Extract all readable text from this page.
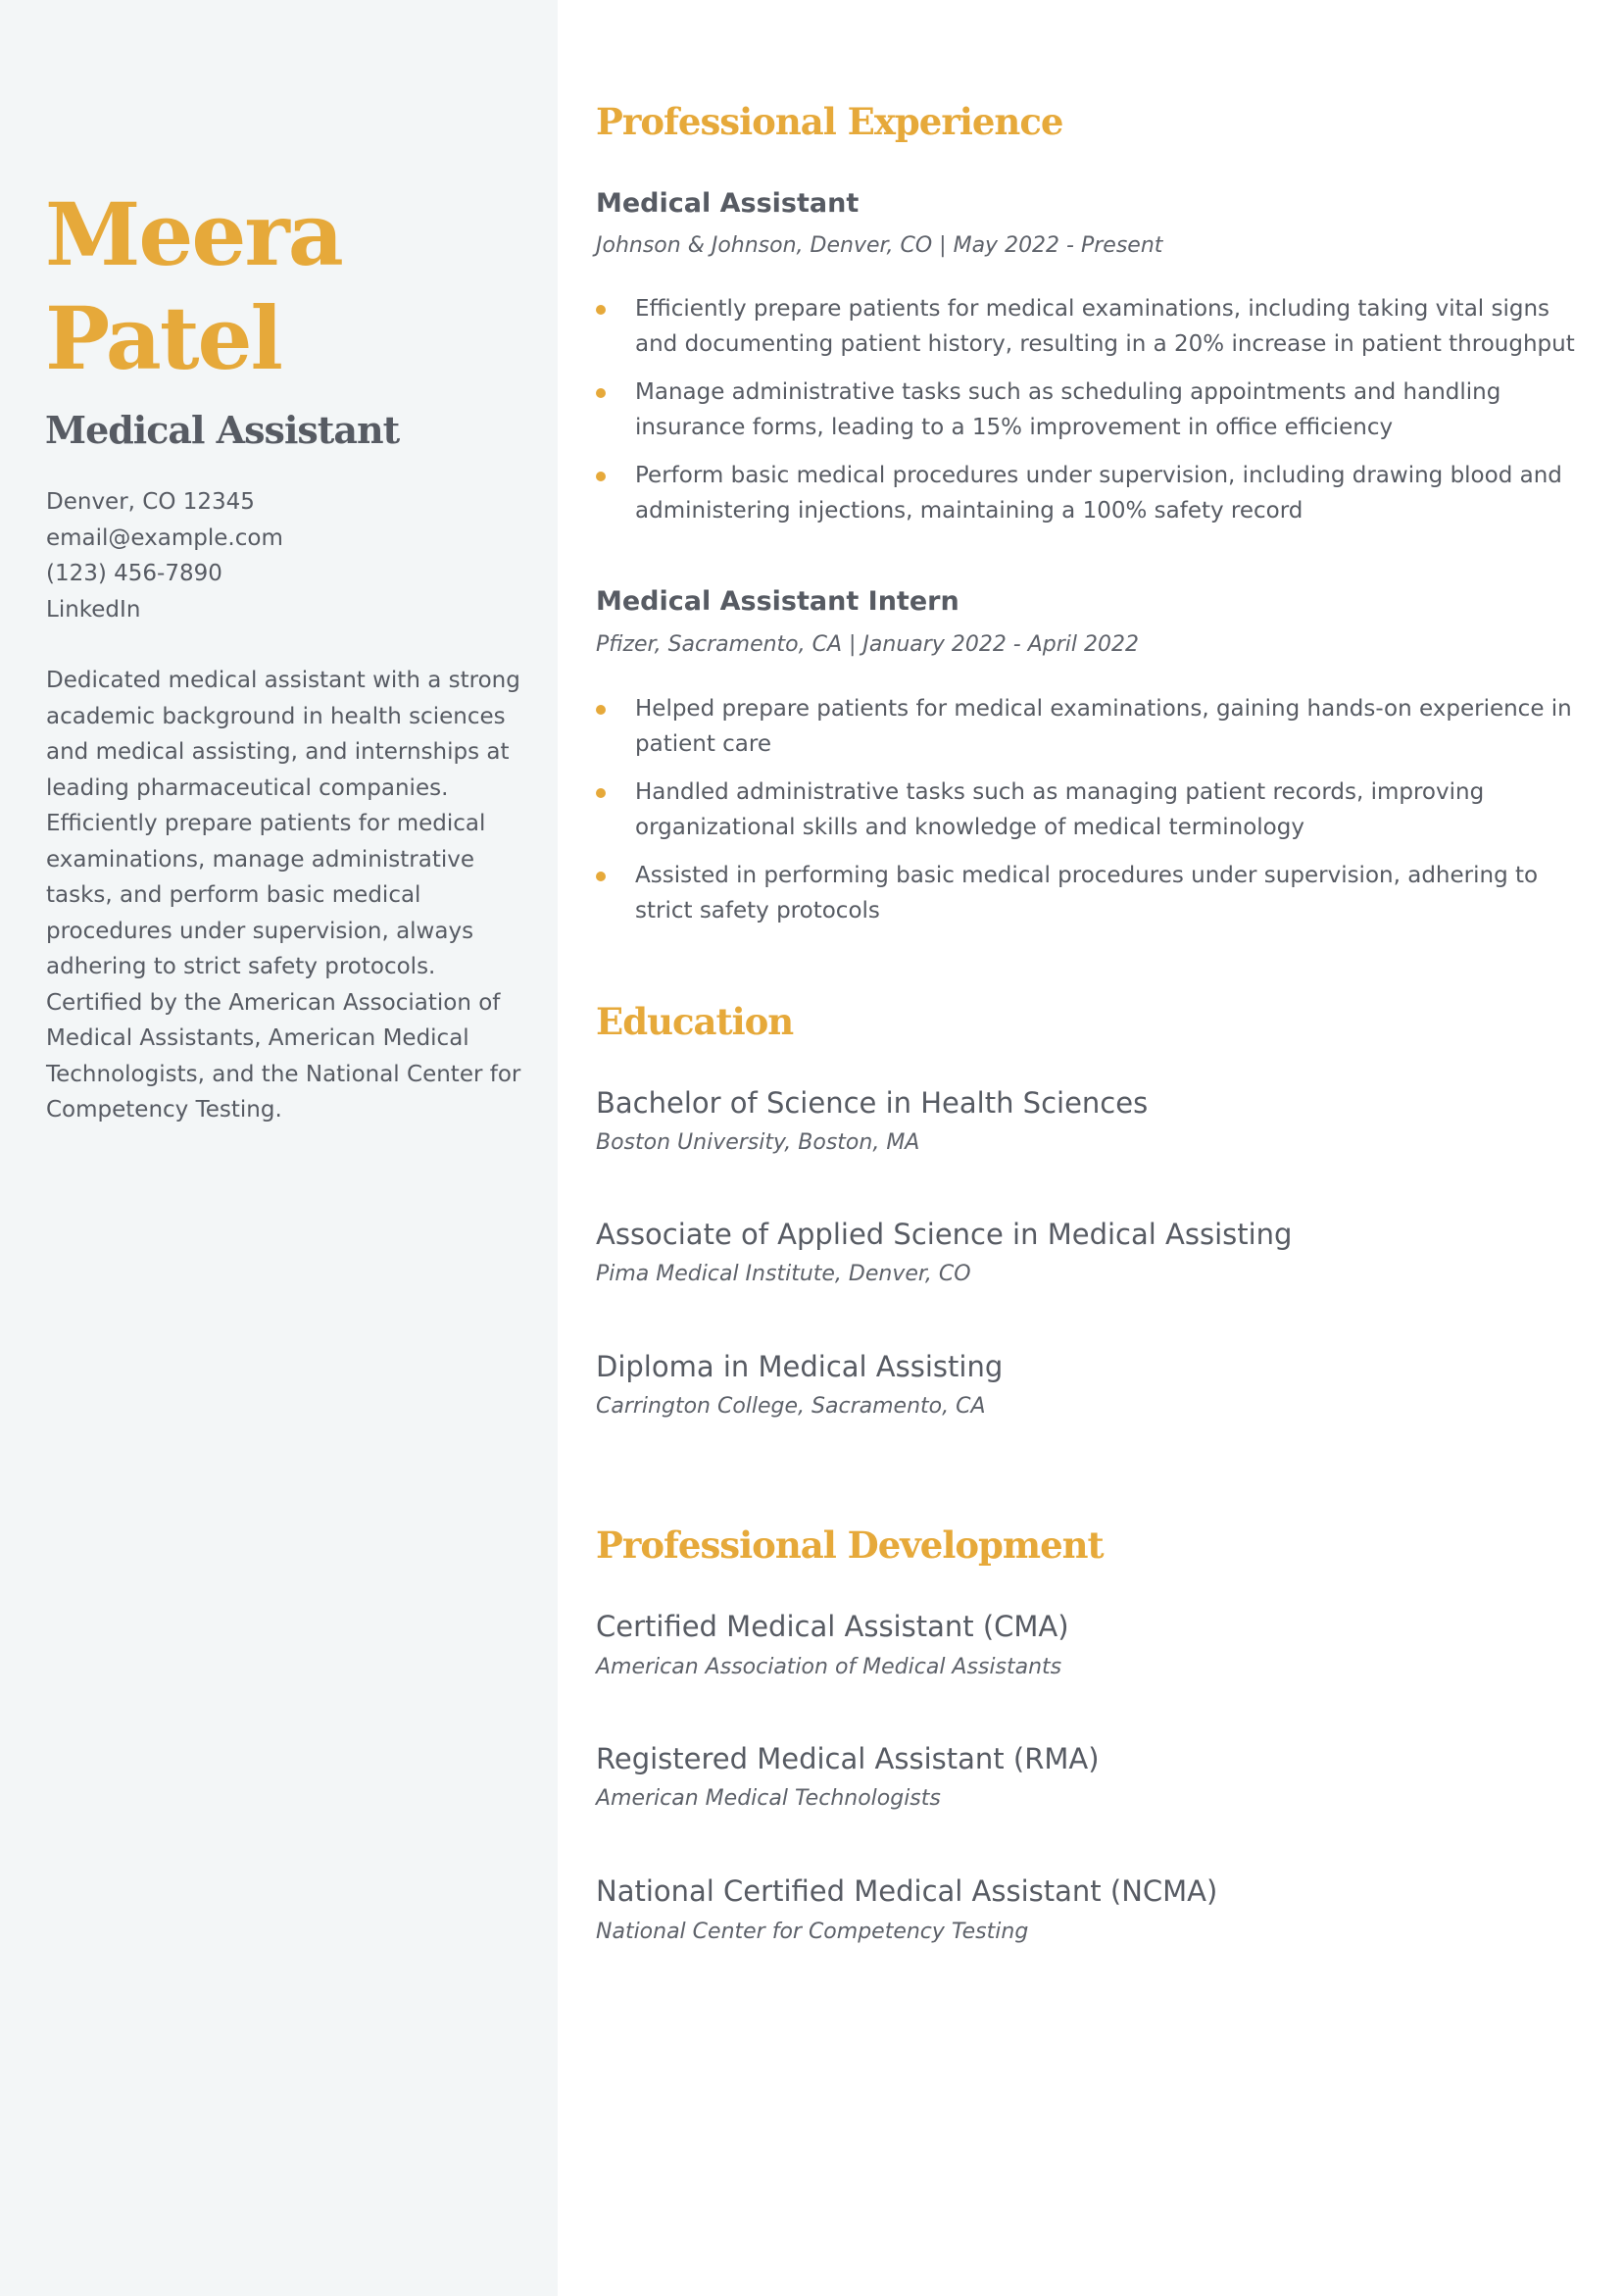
Meera
Patel
Medical Assistant
Denver, CO 12345
email@example.com
(123) 456-7890
LinkedIn
Dedicated medical assistant with a strong academic background in health sciences and medical assisting, and internships at leading pharmaceutical companies. Efficiently prepare patients for medical examinations, manage administrative tasks, and perform basic medical procedures under supervision, always adhering to strict safety protocols. Certified by the American Association of Medical Assistants, American Medical Technologists, and the National Center for Competency Testing.
Professional Experience
Medical Assistant
Johnson & Johnson, Denver, CO | May 2022 - Present
Efficiently prepare patients for medical examinations, including taking vital signs and documenting patient history, resulting in a 20% increase in patient throughput
Manage administrative tasks such as scheduling appointments and handling insurance forms, leading to a 15% improvement in office efficiency
Perform basic medical procedures under supervision, including drawing blood and administering injections, maintaining a 100% safety record
Medical Assistant Intern
Pfizer, Sacramento, CA | January 2022 - April 2022
Helped prepare patients for medical examinations, gaining hands-on experience in patient care
Handled administrative tasks such as managing patient records, improving organizational skills and knowledge of medical terminology
Assisted in performing basic medical procedures under supervision, adhering to strict safety protocols
Education
Bachelor of Science in Health Sciences
Boston University, Boston, MA
Associate of Applied Science in Medical Assisting
Pima Medical Institute, Denver, CO
Diploma in Medical Assisting
Carrington College, Sacramento, CA
Professional Development
Certified Medical Assistant (CMA)
American Association of Medical Assistants
Registered Medical Assistant (RMA)
American Medical Technologists
National Certified Medical Assistant (NCMA)
National Center for Competency Testing
